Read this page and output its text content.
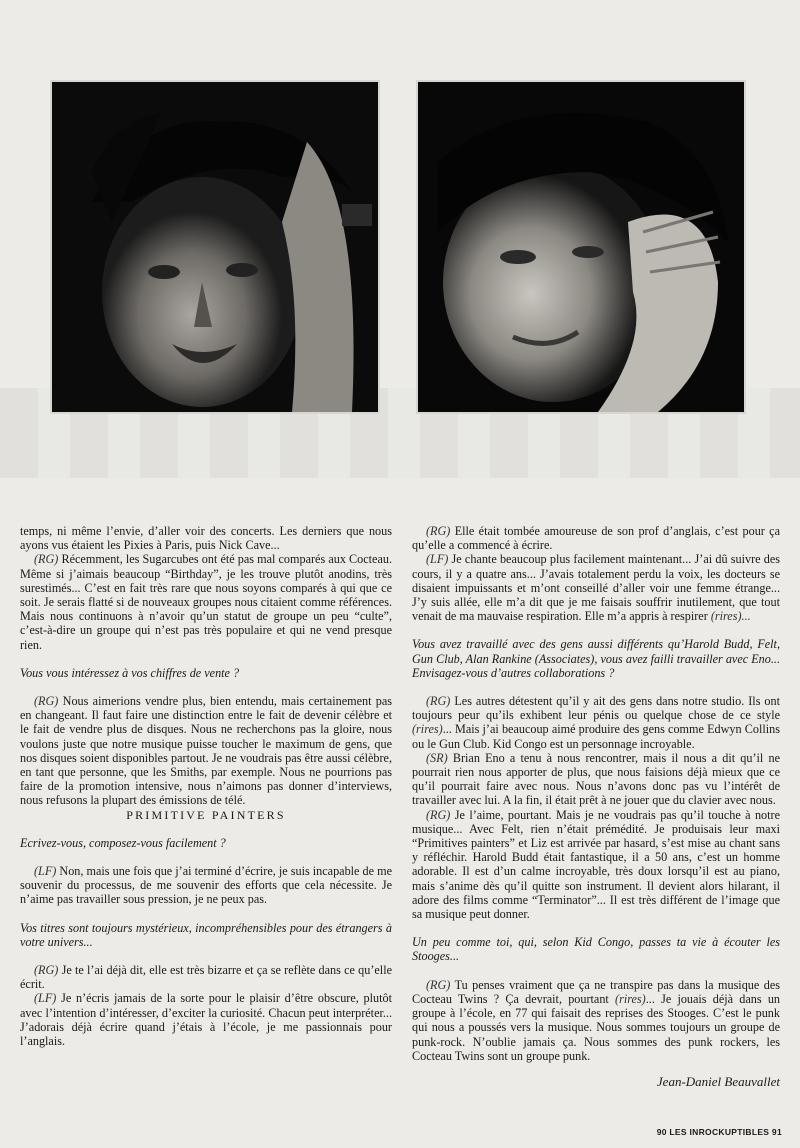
temps, ni même l’envie, d’aller voir des concerts. Les derniers que nous ayons vus étaient les Pixies à Paris, puis Nick Cave...

(RG) Récemment, les Sugarcubes ont été pas mal comparés aux Cocteau. Même si j’aimais beaucoup “Birthday”, je les trouve plutôt anodins, très surestimés... C’est en fait très rare que nous soyons comparés à qui que ce soit. Je serais flatté si de nouveaux groupes nous citaient comme références. Mais nous continuons à n’avoir qu’un statut de groupe un peu “culte”, c’est-à-dire un groupe qui n’est pas très populaire et qui ne vend presque rien.

Vous vous intéressez à vos chiffres de vente ?

(RG) Nous aimerions vendre plus, bien entendu, mais certainement pas en changeant. Il faut faire une distinction entre le fait de devenir célèbre et le fait de vendre plus de disques. Nous ne recherchons pas la gloire, nous voulons juste que notre musique puisse toucher le maximum de gens, que nos disques soient disponibles partout. Je ne voudrais pas être aussi célèbre, en tant que personne, que les Smiths, par exemple. Nous ne pourrions pas faire de la promotion intensive, nous n’aimons pas donner d’interviews, nous refusons la plupart des émissions de télé.

PRIMITIVE PAINTERS

Ecrivez-vous, composez-vous facilement ?

(LF) Non, mais une fois que j’ai terminé d’écrire, je suis incapable de me souvenir du processus, de me souvenir des efforts que cela nécessite. Je n’aime pas travailler sous pression, je ne peux pas.

Vos titres sont toujours mystérieux, incompréhensibles pour des étrangers à votre univers...

(RG) Je te l’ai déjà dit, elle est très bizarre et ça se reflète dans ce qu’elle écrit.

(LF) Je n’écris jamais de la sorte pour le plaisir d’être obscure, plutôt avec l’intention d’intéresser, d’exciter la curiosité. Chacun peut interpréter... J’adorais déjà écrire quand j’étais à l’école, je me passionnais pour l’anglais.

(RG) Elle était tombée amoureuse de son prof d’anglais, c’est pour ça qu’elle a commencé à écrire.

(LF) Je chante beaucoup plus facilement maintenant... J’ai dû suivre des cours, il y a quatre ans... J’avais totalement perdu la voix, les docteurs se disaient impuissants et m’ont conseillé d’aller voir une femme étrange... J’y suis allée, elle m’a dit que je me faisais souffrir inutilement, que tout venait de ma mauvaise respiration. Elle m’a appris à respirer (rires)...

Vous avez travaillé avec des gens aussi différents qu’Harold Budd, Felt, Gun Club, Alan Rankine (Associates), vous avez failli travailler avec Eno... Envisagez-vous d’autres collaborations ?

(RG) Les autres détestent qu’il y ait des gens dans notre studio. Ils ont toujours peur qu’ils exhibent leur pénis ou quelque chose de ce style (rires)... Mais j’ai beaucoup aimé produire des gens comme Edwyn Collins ou le Gun Club. Kid Congo est un personnage incroyable.

(SR) Brian Eno a tenu à nous rencontrer, mais il nous a dit qu’il ne pourrait rien nous apporter de plus, que nous faisions déjà mieux que ce qu’il pourrait faire avec nous. Nous n’avons donc pas vu l’intérêt de travailler avec lui. A la fin, il était prêt à ne jouer que du clavier avec nous.

(RG) Je l’aime, pourtant. Mais je ne voudrais pas qu’il touche à notre musique... Avec Felt, rien n’était prémédité. Je produisais leur maxi “Primitives painters” et Liz est arrivée par hasard, s’est mise au chant sans y réfléchir. Harold Budd était fantastique, il a 50 ans, c’est un homme adorable. Il est d’un calme incroyable, très doux lorsqu’il est au piano, mais s’anime dès qu’il quitte son instrument. Il devient alors hilarant, il adore des films comme “Terminator”... Il est très différent de l’image que sa musique peut donner.

Un peu comme toi, qui, selon Kid Congo, passes ta vie à écouter les Stooges...

(RG) Tu penses vraiment que ça ne transpire pas dans la musique des Cocteau Twins ? Ça devrait, pourtant (rires)... Je jouais déjà dans un groupe à l’école, en 77 qui faisait des reprises des Stooges. C’est le punk qui nous a poussés vers la musique. Nous sommes toujours un groupe de punk-rock. N’oublie jamais ça. Nous sommes des punk rockers, les Cocteau Twins sont un groupe punk.

Jean-Daniel Beauvallet
90 LES INROCKUPTIBLES 91
